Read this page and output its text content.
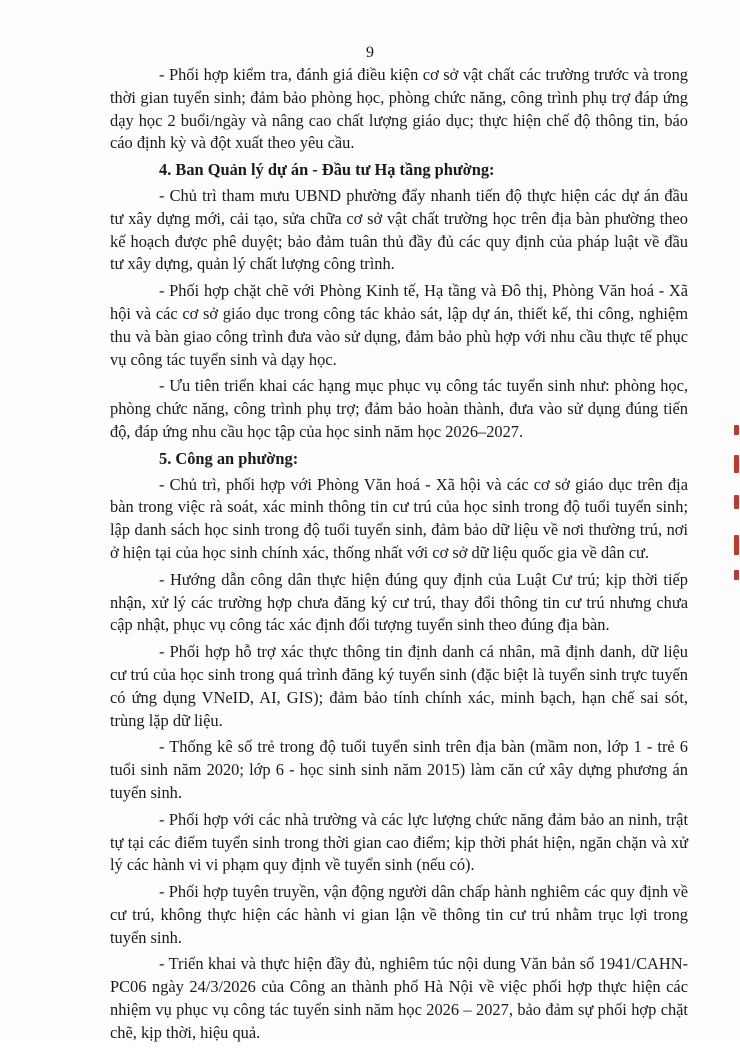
9

- Phối hợp kiểm tra, đánh giá điều kiện cơ sở vật chất các trường trước và trong thời gian tuyển sinh; đảm bảo phòng học, phòng chức năng, công trình phụ trợ đáp ứng dạy học 2 buổi/ngày và nâng cao chất lượng giáo dục; thực hiện chế độ thông tin, báo cáo định kỳ và đột xuất theo yêu cầu.

4. Ban Quản lý dự án - Đầu tư Hạ tầng phường:

- Chủ trì tham mưu UBND phường đẩy nhanh tiến độ thực hiện các dự án đầu tư xây dựng mới, cải tạo, sửa chữa cơ sở vật chất trường học trên địa bàn phường theo kế hoạch được phê duyệt; bảo đảm tuân thủ đầy đủ các quy định của pháp luật về đầu tư xây dựng, quản lý chất lượng công trình.

- Phối hợp chặt chẽ với Phòng Kinh tế, Hạ tầng và Đô thị, Phòng Văn hoá - Xã hội và các cơ sở giáo dục trong công tác khảo sát, lập dự án, thiết kế, thi công, nghiệm thu và bàn giao công trình đưa vào sử dụng, đảm bảo phù hợp với nhu cầu thực tế phục vụ công tác tuyển sinh và dạy học.

- Ưu tiên triển khai các hạng mục phục vụ công tác tuyển sinh như: phòng học, phòng chức năng, công trình phụ trợ; đảm bảo hoàn thành, đưa vào sử dụng đúng tiến độ, đáp ứng nhu cầu học tập của học sinh năm học 2026–2027.

5. Công an phường:

- Chủ trì, phối hợp với Phòng Văn hoá - Xã hội và các cơ sở giáo dục trên địa bàn trong việc rà soát, xác minh thông tin cư trú của học sinh trong độ tuổi tuyển sinh; lập danh sách học sinh trong độ tuổi tuyển sinh, đảm bảo dữ liệu về nơi thường trú, nơi ở hiện tại của học sinh chính xác, thống nhất với cơ sở dữ liệu quốc gia về dân cư.

- Hướng dẫn công dân thực hiện đúng quy định của Luật Cư trú; kịp thời tiếp nhận, xử lý các trường hợp chưa đăng ký cư trú, thay đổi thông tin cư trú nhưng chưa cập nhật, phục vụ công tác xác định đối tượng tuyển sinh theo đúng địa bàn.

- Phối hợp hỗ trợ xác thực thông tin định danh cá nhân, mã định danh, dữ liệu cư trú của học sinh trong quá trình đăng ký tuyển sinh (đặc biệt là tuyển sinh trực tuyến có ứng dụng VNeID, AI, GIS); đảm bảo tính chính xác, minh bạch, hạn chế sai sót, trùng lặp dữ liệu.

- Thống kê số trẻ trong độ tuổi tuyển sinh trên địa bàn (mầm non, lớp 1 - trẻ 6 tuổi sinh năm 2020; lớp 6 - học sinh sinh năm 2015) làm căn cứ xây dựng phương án tuyển sinh.

- Phối hợp với các nhà trường và các lực lượng chức năng đảm bảo an ninh, trật tự tại các điểm tuyển sinh trong thời gian cao điểm; kịp thời phát hiện, ngăn chặn và xử lý các hành vi vi phạm quy định về tuyển sinh (nếu có).

- Phối hợp tuyên truyền, vận động người dân chấp hành nghiêm các quy định về cư trú, không thực hiện các hành vi gian lận về thông tin cư trú nhằm trục lợi trong tuyển sinh.

- Triển khai và thực hiện đầy đủ, nghiêm túc nội dung Văn bản số 1941/CAHN-PC06 ngày 24/3/2026 của Công an thành phố Hà Nội về việc phối hợp thực hiện các nhiệm vụ phục vụ công tác tuyển sinh năm học 2026 – 2027, bảo đảm sự phối hợp chặt chẽ, kịp thời, hiệu quả.
